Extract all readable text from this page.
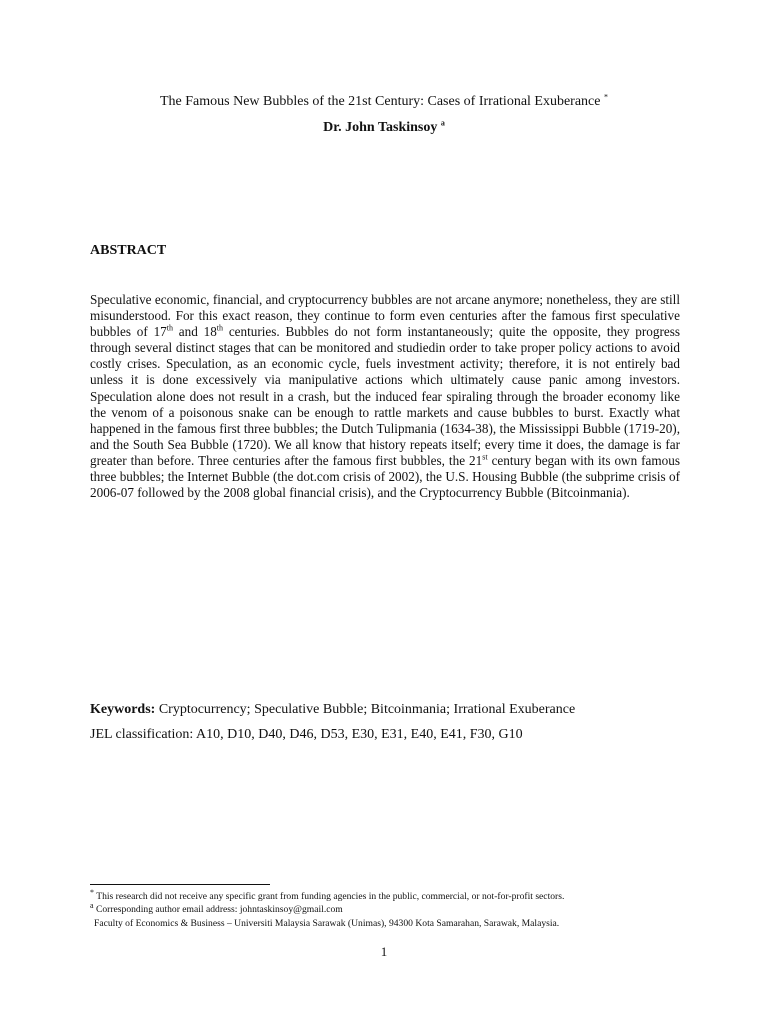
The Famous New Bubbles of the 21st Century: Cases of Irrational Exuberance *
Dr. John Taskinsoy $^a$
ABSTRACT

Speculative economic, financial, and cryptocurrency bubbles are not arcane anymore; nonetheless, they are still misunderstood. For this exact reason, they continue to form even centuries after the famous first speculative bubbles of 17th and 18th centuries. Bubbles do not form instantaneously; quite the opposite, they progress through several distinct stages that can be monitored and studiedin order to take proper policy actions to avoid costly crises. Speculation, as an economic cycle, fuels investment activity; therefore, it is not entirely bad unless it is done excessively via manipulative actions which ultimately cause panic among investors. Speculation alone does not result in a crash, but the induced fear spiraling through the broader economy like the venom of a poisonous snake can be enough to rattle markets and cause bubbles to burst. Exactly what happened in the famous first three bubbles; the Dutch Tulipmania (1634-38), the Mississippi Bubble (1719-20), and the South Sea Bubble (1720). We all know that history repeats itself; every time it does, the damage is far greater than before. Three centuries after the famous first bubbles, the 21st century began with its own famous three bubbles; the Internet Bubble (the dot.com crisis of 2002), the U.S. Housing Bubble (the subprime crisis of 2006-07 followed by the 2008 global financial crisis), and the Cryptocurrency Bubble (Bitcoinmania).

Keywords: Cryptocurrency; Speculative Bubble; Bitcoinmania; Irrational Exuberance
JEL classification: A10, D10, D40, D46, D53, E30, E31, E40, E41, F30, G10
* This research did not receive any specific grant from funding agencies in the public, commercial, or not-for-profit sectors.
$^a$ Corresponding author email address: johntaskinsoy@gmail.com
Faculty of Economics & Business – Universiti Malaysia Sarawak (Unimas), 94300 Kota Samarahan, Sarawak, Malaysia.
1
